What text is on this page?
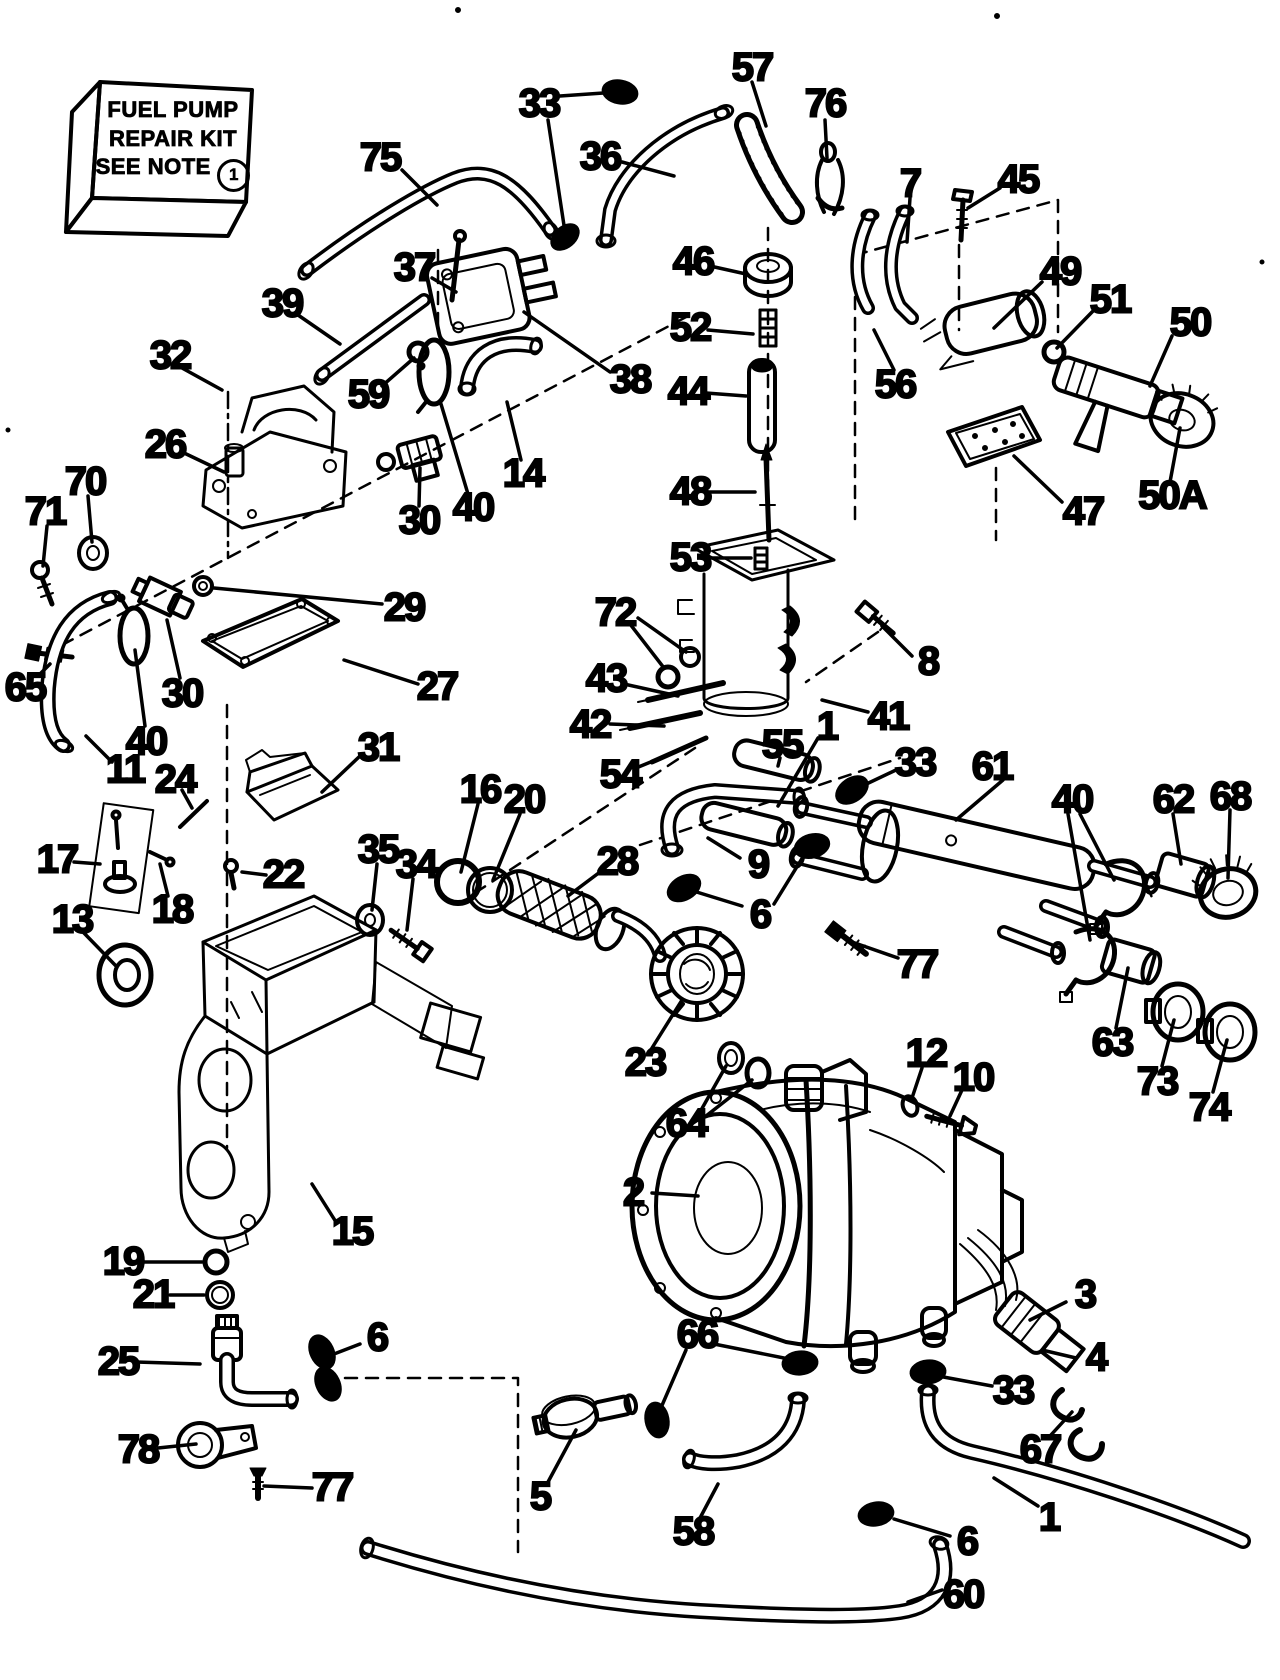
FUEL PUMP
REPAIR KIT
SEE NOTE 1	75
33
36
57
76
7 45
49
51
50
39
37
32
59	38
46
52
44	56
48	47 50A
26
70
71	30
53
29	72
8
41
43
30
65	27
42
40
11	54
55 1
24	33 61
9
40 62 68
16 20
17	35
34	28
6
18
13
31
22
23
77
63
73
74
64
12
10
2
19
21
15
25
6
78
77
66
5
58
3
4
33
67
1
6
60
14
40
